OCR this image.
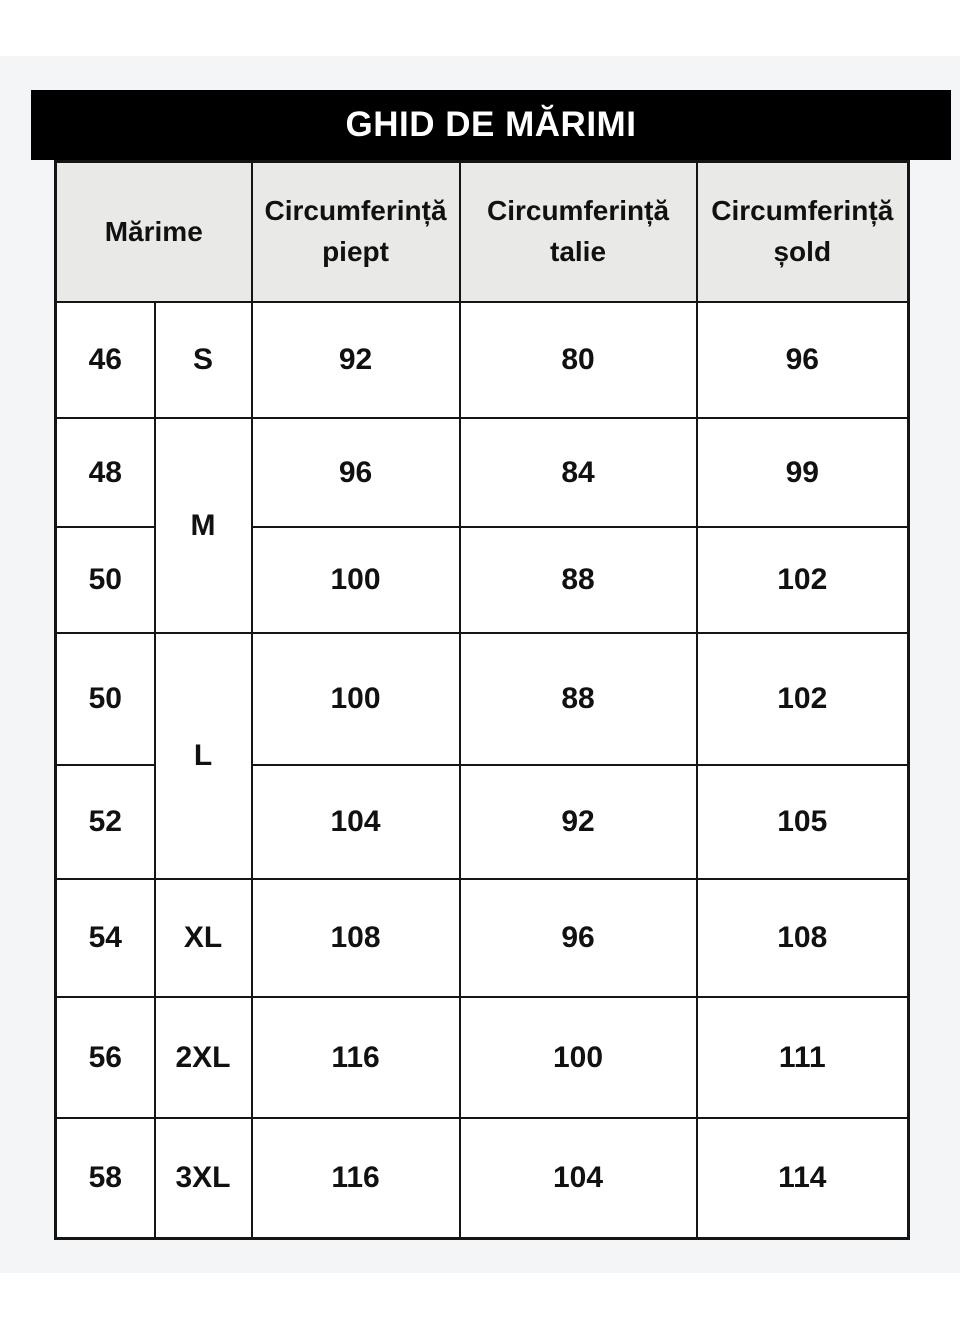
GHID DE MĂRIMI
Mărime		Circumferință piept	Circumferință talie	Circumferință șold
46	S	92	80	96
48	M	96	84	99
50		100	88	102
50	L	100	88	102
52		104	92	105
54	XL	108	96	108
56	2XL	116	100	111
58	3XL	116	104	114
